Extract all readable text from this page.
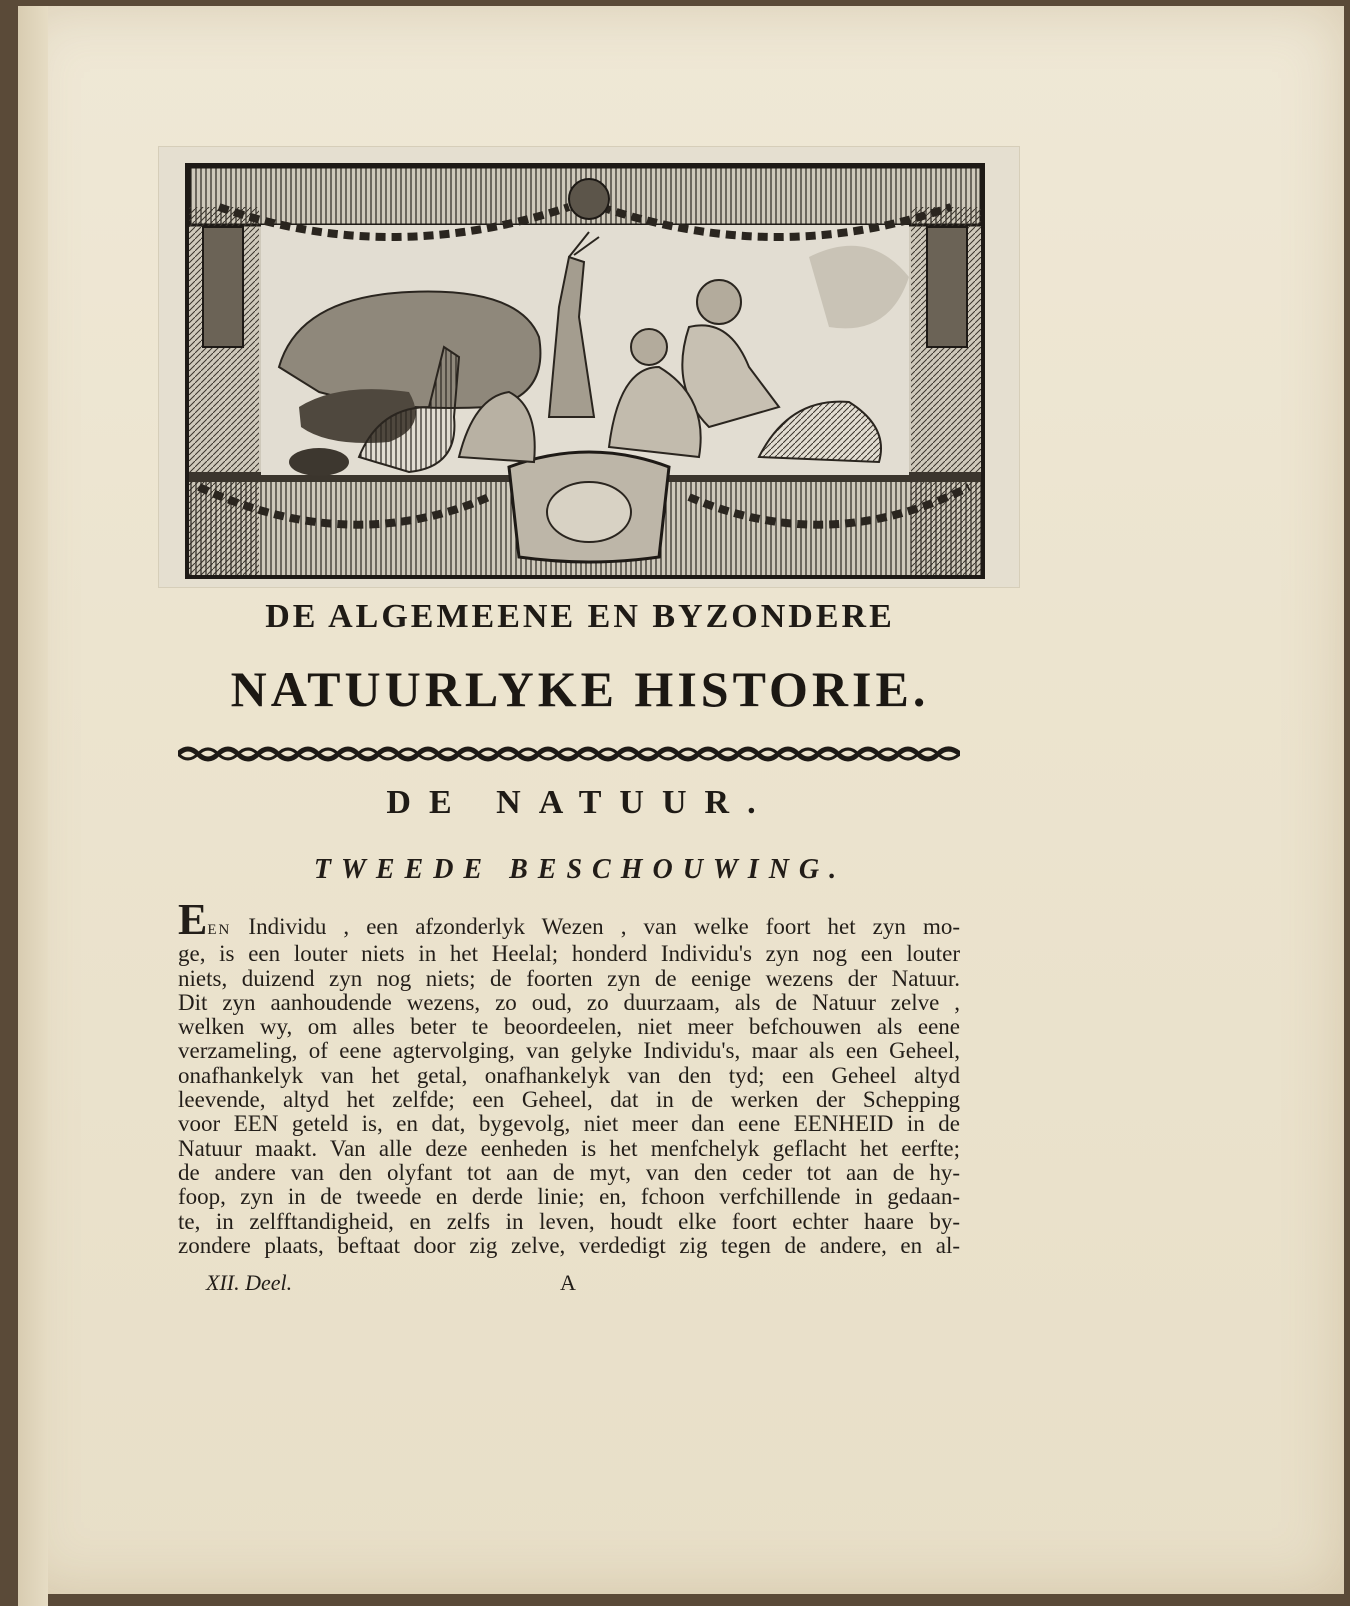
DE ALGEMEENE EN BYZONDERE
NATUURLYKE HISTORIE.
DE NATUUR.
TWEEDE BESCHOUWING.
EEN Individu , een afzonderlyk Wezen , van welke foort het zyn mo-
ge, is een louter niets in het Heelal; honderd Individu's zyn nog een louter
niets, duizend zyn nog niets; de foorten zyn de eenige wezens der Natuur.
Dit zyn aanhoudende wezens, zo oud, zo duurzaam, als de Natuur zelve ,
welken wy, om alles beter te beoordeelen, niet meer befchouwen als eene
verzameling, of eene agtervolging, van gelyke Individu's, maar als een Geheel,
onafhankelyk van het getal, onafhankelyk van den tyd; een Geheel altyd
leevende, altyd het zelfde; een Geheel, dat in de werken der Schepping
voor EEN geteld is, en dat, bygevolg, niet meer dan eene EENHEID in de
Natuur maakt. Van alle deze eenheden is het menfchelyk geflacht het eerfte;
de andere van den olyfant tot aan de myt, van den ceder tot aan de hy-
foop, zyn in de tweede en derde linie; en, fchoon verfchillende in gedaan-
te, in zelfftandigheid, en zelfs in leven, houdt elke foort echter haare by-
zondere plaats, beftaat door zig zelve, verdedigt zig tegen de andere, en al-
XII. Deel.	A
